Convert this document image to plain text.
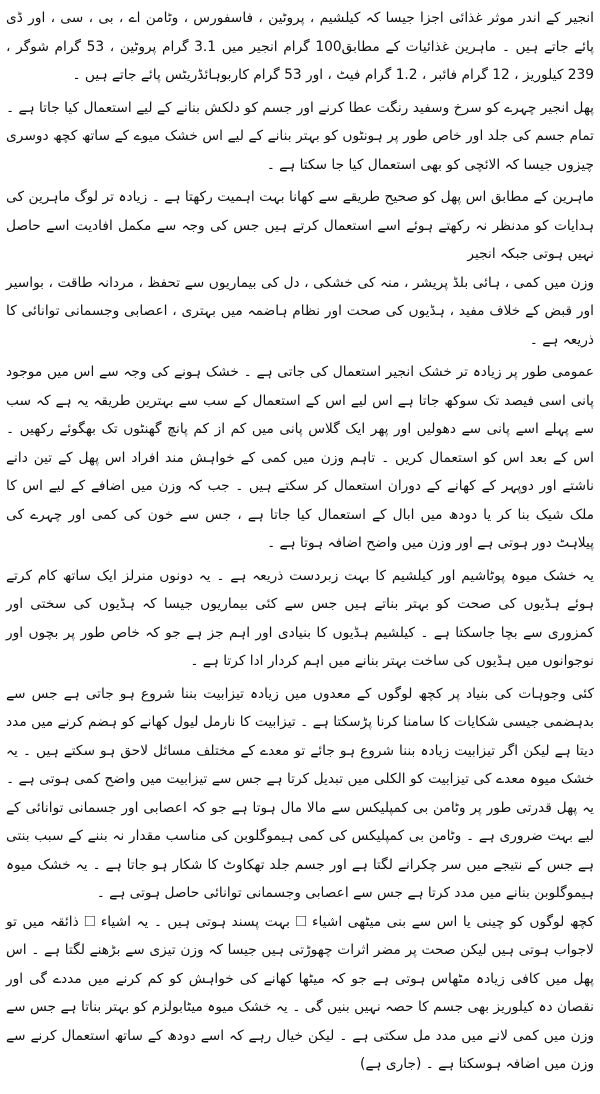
انجیر کے اندر موثر غذائی اجزا جیسا کہ کیلشیم ، پروٹین ، فاسفورس ، وٹامن اے ، بی ، سی ، اور ڈی پائے جاتے ہیں ۔ ماہرین غذائیات کے مطابق100 گرام انجیر میں 3.1 گرام پروٹین ، 53 گرام شوگر ، 239 کیلوریز ، 12 گرام فائبر ، 1.2 گرام فیٹ ، اور 53 گرام کاربوہائڈریٹس پائے جاتے ہیں ۔

پھل انجیر چہرے کو سرخ وسفید رنگت عطا کرنے اور جسم کو دلکش بنانے کے لیے استعمال کیا جاتا ہے ۔ تمام جسم کی جلد اور خاص طور پر ہونٹوں کو بہتر بنانے کے لیے اس خشک میوے کے ساتھ کچھ دوسری چیزوں جیسا کہ الائچی کو بھی استعمال کیا جا سکتا ہے ۔

ماہرین کے مطابق اس پھل کو صحیح طریقے سے کھانا بہت اہمیت رکھتا ہے ۔ زیادہ تر لوگ ماہرین کی ہدایات کو مدنظر نہ رکھتے ہوئے اسے استعمال کرتے ہیں جس کی وجہ سے مکمل افادیت اسے حاصل نہیں ہوتی جبکہ انجیر

وزن میں کمی ، ہائی بلڈ پریشر ، منہ کی خشکی ، دل کی بیماریوں سے تحفظ ، مردانہ طاقت ، بواسیر اور قبض کے خلاف مفید ، ہڈیوں کی صحت اور نظام ہاضمہ میں بہتری ، اعصابی وجسمانی توانائی کا ذریعہ ہے ۔

عمومی طور پر زیادہ تر خشک انجیر استعمال کی جاتی ہے ۔ خشک ہونے کی وجہ سے اس میں موجود پانی اسی فیصد تک سوکھ جاتا ہے اس لیے اس کے استعمال کے سب سے بہترین طریقہ یہ ہے کہ سب سے پہلے اسے پانی سے دھولیں اور پھر ایک گلاس پانی میں کم از کم پانچ گھنٹوں تک بھگوئے رکھیں ۔ اس کے بعد اس کو استعمال کریں ۔ تاہم وزن میں کمی کے خواہش مند افراد اس پھل کے تین دانے ناشتے اور دوپہر کے کھانے کے دوران استعمال کر سکتے ہیں ۔ جب کہ وزن میں اضافے کے لیے اس کا ملک شیک بنا کر یا دودھ میں ابال کے استعمال کیا جاتا ہے ، جس سے خون کی کمی اور چہرے کی پیلاہٹ دور ہوتی ہے اور وزن میں واضح اضافہ ہوتا ہے ۔

یہ خشک میوہ پوٹاشیم اور کیلشیم کا بہت زبردست ذریعہ ہے ۔ یہ دونوں منرلز ایک ساتھ کام کرتے ہوئے ہڈیوں کی صحت کو بہتر بناتے ہیں جس سے کئی بیماریوں جیسا کہ ہڈیوں کی سختی اور کمزوری سے بچا جاسکتا ہے ۔ کیلشیم ہڈیوں کا بنیادی اور اہم جز ہے جو کہ خاص طور پر بچوں اور نوجوانوں میں ہڈیوں کی ساخت بہتر بنانے میں اہم کردار ادا کرتا ہے ۔

کئی وجوہات کی بنیاد پر کچھ لوگوں کے معدوں میں زیادہ تیزابیت بننا شروع ہو جاتی ہے جس سے بدہضمی جیسی شکایات کا سامنا کرنا پڑسکتا ہے ۔ تیزابیت کا نارمل لیول کھانے کو ہضم کرنے میں مدد دیتا ہے لیکن اگر تیزابیت زیادہ بننا شروع ہو جائے تو معدے کے مختلف مسائل لاحق ہو سکتے ہیں ۔ یہ خشک میوہ معدے کی تیزابیت کو الکلی میں تبدیل کرتا ہے جس سے تیزابیت میں واضح کمی ہوتی ہے ۔ یہ پھل قدرتی طور پر وٹامن بی کمپلیکس سے مالا مال ہوتا ہے جو کہ اعصابی اور جسمانی توانائی کے لیے بہت ضروری ہے ۔ وٹامن بی کمپلیکس کی کمی ہیموگلوبن کی مناسب مقدار نہ بننے کے سبب بنتی ہے جس کے نتیجے میں سر چکرانے لگتا ہے اور جسم جلد تھکاوٹ کا شکار ہو جاتا ہے ۔ یہ خشک میوہ ہیموگلوبن بنانے میں مدد کرتا ہے جس سے اعصابی وجسمانی توانائی حاصل ہوتی ہے ۔

کچھ لوگوں کو چینی یا اس سے بنی میٹھی اشیاء 🞎 بہت پسند ہوتی ہیں ۔ یہ اشیاء 🞎 ذائقہ میں تو لاجواب ہوتی ہیں لیکن صحت پر مضر اثرات چھوڑتی ہیں جیسا کہ وزن تیزی سے بڑھنے لگتا ہے ۔ اس پھل میں کافی زیادہ مٹھاس ہوتی ہے جو کہ میٹھا کھانے کی خواہش کو کم کرنے میں مددے گی اور نقصان دہ کیلوریز بھی جسم کا حصہ نہیں بنیں گی ۔ یہ خشک میوہ میٹابولزم کو بہتر بناتا ہے جس سے وزن میں کمی لانے میں مدد مل سکتی ہے ۔ لیکن خیال رہے کہ اسے دودھ کے ساتھ استعمال کرنے سے وزن میں اضافہ ہوسکتا ہے ۔ (جاری ہے)
